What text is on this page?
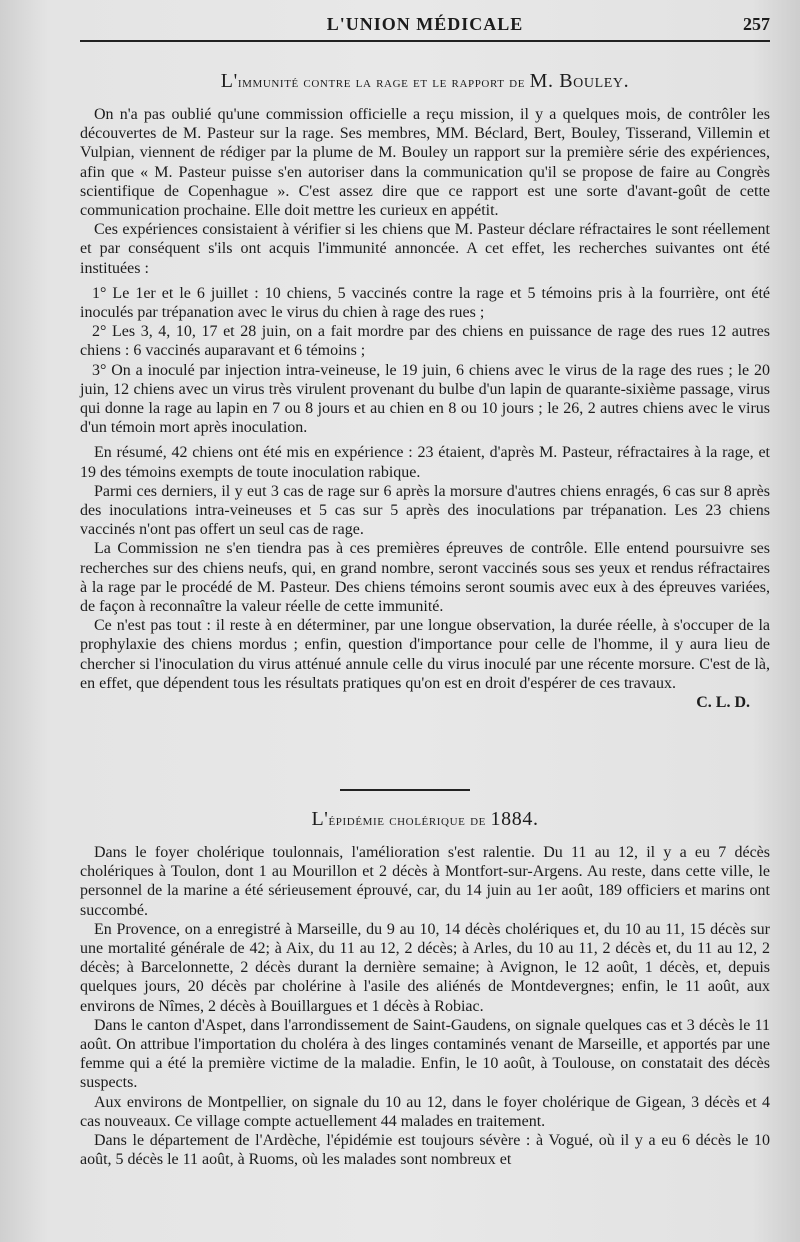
L'UNION MÉDICALE	257
L'immunité contre la rage et le rapport de M. Bouley.

On n'a pas oublié qu'une commission officielle a reçu mission, il y a quelques mois, de contrôler les découvertes de M. Pasteur sur la rage. Ses membres, MM. Béclard, Bert, Bouley, Tisserand, Villemin et Vulpian, viennent de rédiger par la plume de M. Bouley un rapport sur la première série des expériences, afin que « M. Pasteur puisse s'en autoriser dans la communication qu'il se propose de faire au Congrès scientifique de Copenhague ». C'est assez dire que ce rapport est une sorte d'avant-goût de cette communication prochaine. Elle doit mettre les curieux en appétit.

Ces expériences consistaient à vérifier si les chiens que M. Pasteur déclare réfractaires le sont réellement et par conséquent s'ils ont acquis l'immunité annoncée. A cet effet, les recherches suivantes ont été instituées :

1° Le 1er et le 6 juillet : 10 chiens, 5 vaccinés contre la rage et 5 témoins pris à la fourrière, ont été inoculés par trépanation avec le virus du chien à rage des rues ;

2° Les 3, 4, 10, 17 et 28 juin, on a fait mordre par des chiens en puissance de rage des rues 12 autres chiens : 6 vaccinés auparavant et 6 témoins ;

3° On a inoculé par injection intra-veineuse, le 19 juin, 6 chiens avec le virus de la rage des rues ; le 20 juin, 12 chiens avec un virus très virulent provenant du bulbe d'un lapin de quarante-sixième passage, virus qui donne la rage au lapin en 7 ou 8 jours et au chien en 8 ou 10 jours ; le 26, 2 autres chiens avec le virus d'un témoin mort après inoculation.

En résumé, 42 chiens ont été mis en expérience : 23 étaient, d'après M. Pasteur, réfractaires à la rage, et 19 des témoins exempts de toute inoculation rabique.

Parmi ces derniers, il y eut 3 cas de rage sur 6 après la morsure d'autres chiens enragés, 6 cas sur 8 après des inoculations intra-veineuses et 5 cas sur 5 après des inoculations par trépanation. Les 23 chiens vaccinés n'ont pas offert un seul cas de rage.

La Commission ne s'en tiendra pas à ces premières épreuves de contrôle. Elle entend poursuivre ses recherches sur des chiens neufs, qui, en grand nombre, seront vaccinés sous ses yeux et rendus réfractaires à la rage par le procédé de M. Pasteur. Des chiens témoins seront soumis avec eux à des épreuves variées, de façon à reconnaître la valeur réelle de cette immunité.

Ce n'est pas tout : il reste à en déterminer, par une longue observation, la durée réelle, à s'occuper de la prophylaxie des chiens mordus ; enfin, question d'importance pour celle de l'homme, il y aura lieu de chercher si l'inoculation du virus atténué annule celle du virus inoculé par une récente morsure. C'est de là, en effet, que dépendent tous les résultats pratiques qu'on est en droit d'espérer de ces travaux.

C. L. D.
L'épidémie cholérique de 1884.

Dans le foyer cholérique toulonnais, l'amélioration s'est ralentie. Du 11 au 12, il y a eu 7 décès cholériques à Toulon, dont 1 au Mourillon et 2 décès à Montfort-sur-Argens. Au reste, dans cette ville, le personnel de la marine a été sérieusement éprouvé, car, du 14 juin au 1er août, 189 officiers et marins ont succombé.

En Provence, on a enregistré à Marseille, du 9 au 10, 14 décès cholériques et, du 10 au 11, 15 décès sur une mortalité générale de 42; à Aix, du 11 au 12, 2 décès; à Arles, du 10 au 11, 2 décès et, du 11 au 12, 2 décès; à Barcelonnette, 2 décès durant la dernière semaine; à Avignon, le 12 août, 1 décès, et, depuis quelques jours, 20 décès par cholérine à l'asile des aliénés de Montdevergnes; enfin, le 11 août, aux environs de Nîmes, 2 décès à Bouillargues et 1 décès à Robiac.

Dans le canton d'Aspet, dans l'arrondissement de Saint-Gaudens, on signale quelques cas et 3 décès le 11 août. On attribue l'importation du choléra à des linges contaminés venant de Marseille, et apportés par une femme qui a été la première victime de la maladie. Enfin, le 10 août, à Toulouse, on constatait des décès suspects.

Aux environs de Montpellier, on signale du 10 au 12, dans le foyer cholérique de Gigean, 3 décès et 4 cas nouveaux. Ce village compte actuellement 44 malades en traitement.

Dans le département de l'Ardèche, l'épidémie est toujours sévère : à Vogué, où il y a eu 6 décès le 10 août, 5 décès le 11 août, à Ruoms, où les malades sont nombreux et
